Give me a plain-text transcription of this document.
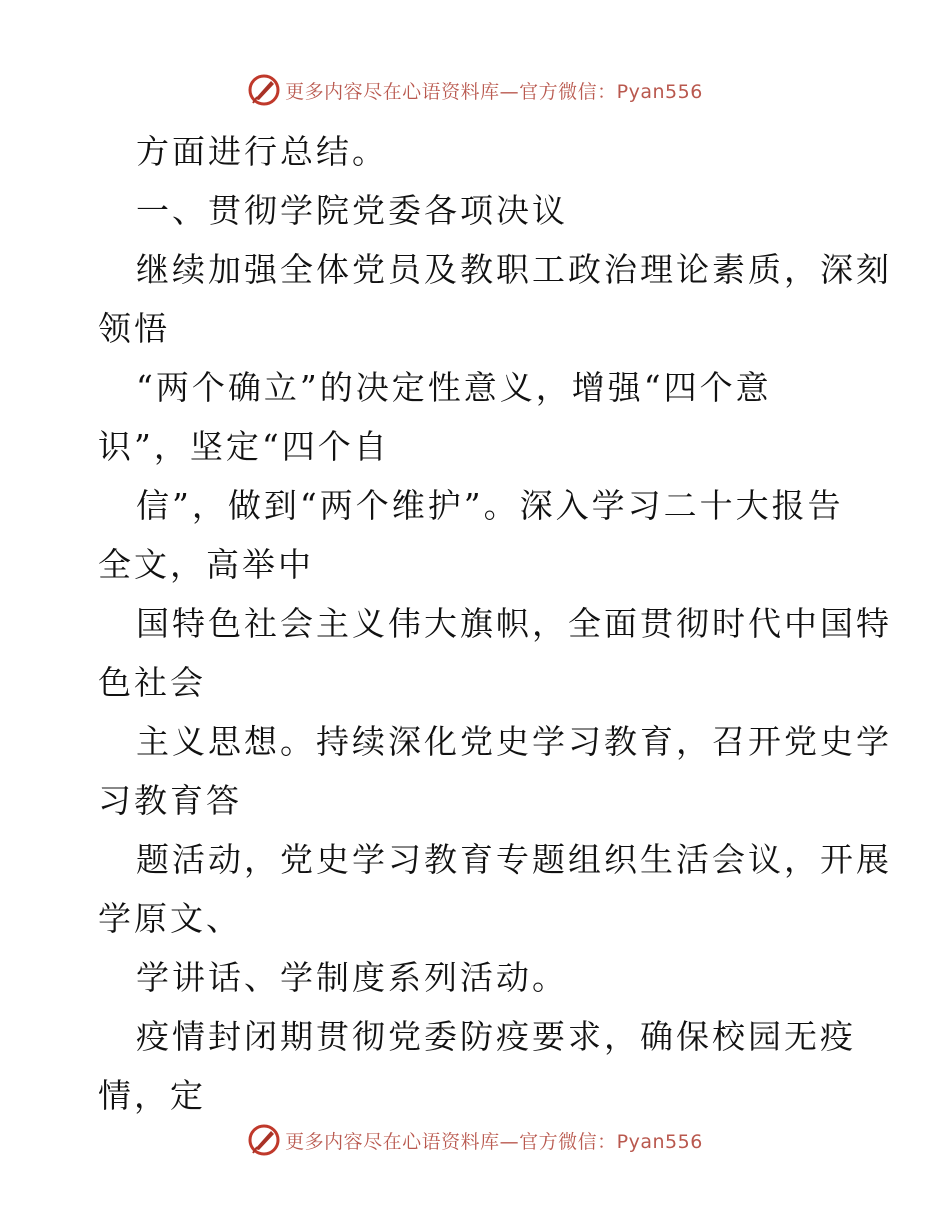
更多内容尽在心语资料库—官方微信：Pyan556
方面进行总结。
一、贯彻学院党委各项决议
继续加强全体党员及教职工政治理论素质，深刻
领悟
“两个确立”的决定性意义，增强“四个意
识”，坚定“四个自
信”，做到“两个维护”。深入学习二十大报告
全文，高举中
国特色社会主义伟大旗帜，全面贯彻时代中国特
色社会
主义思想。持续深化党史学习教育，召开党史学
习教育答
题活动，党史学习教育专题组织生活会议，开展
学原文、
学讲话、学制度系列活动。
疫情封闭期贯彻党委防疫要求，确保校园无疫
情，定
更多内容尽在心语资料库—官方微信：Pyan556
